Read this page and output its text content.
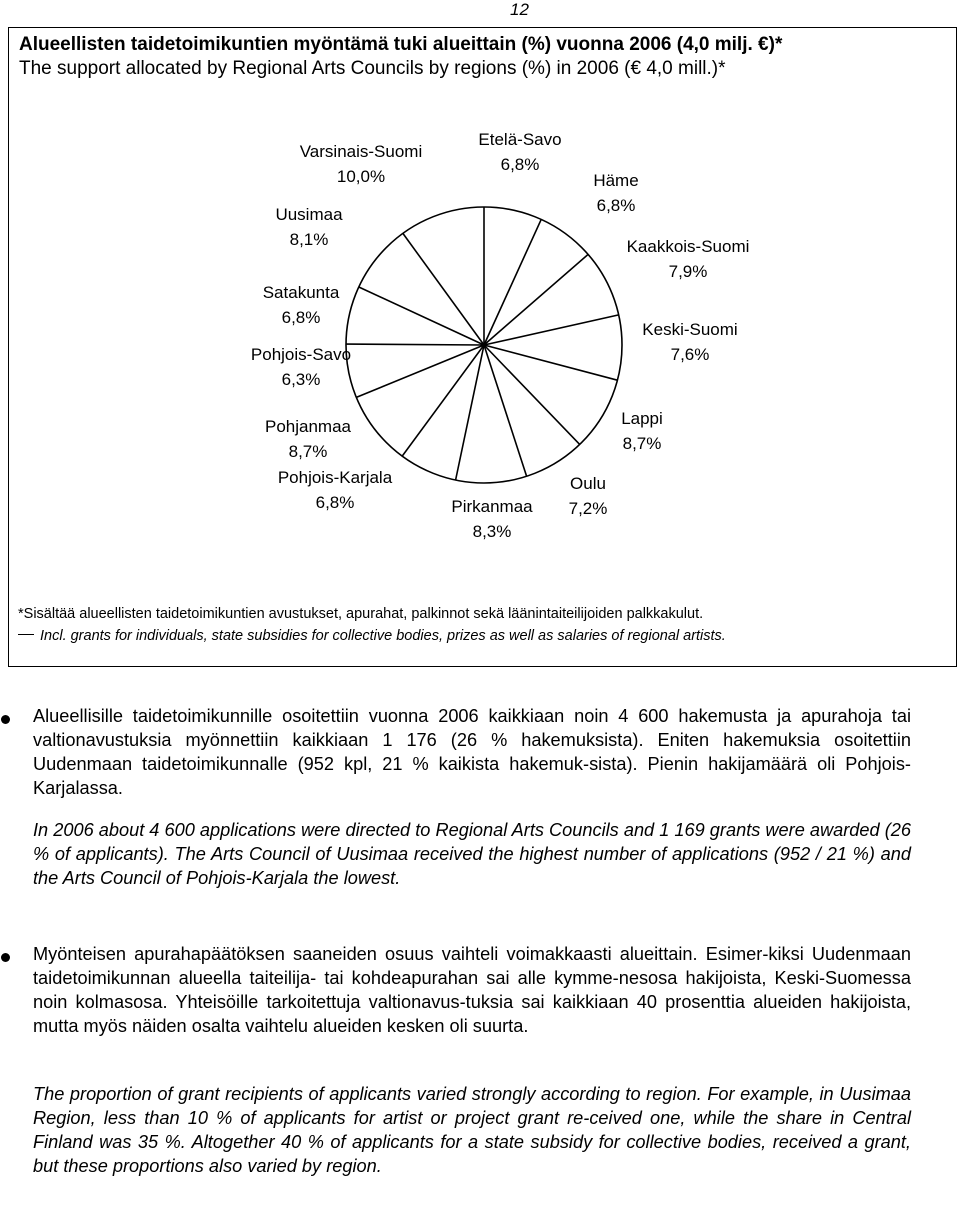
12
Alueellisten taidetoimikuntien myöntämä tuki alueittain (%) vuonna 2006 (4,0 milj. €)*
The support allocated by Regional Arts Councils by regions (%) in 2006 (€ 4,0 mill.)*
Etelä-Savo
6,8%
Häme
6,8%
Kaakkois-Suomi
7,9%
Keski-Suomi
7,6%
Lappi
8,7%
Oulu
7,2%
Pirkanmaa
8,3%
Pohjois-Karjala
6,8%
Pohjanmaa
8,7%
Pohjois-Savo
6,3%
Satakunta
6,8%
Uusimaa
8,1%
Varsinais-Suomi
10,0%
*Sisältää alueellisten taidetoimikuntien avustukset, apurahat, palkinnot sekä läänintaiteilijoiden palkkakulut.
Incl. grants for individuals, state subsidies for collective bodies, prizes as well as salaries of regional artists.
Alueellisille taidetoimikunnille osoitettiin vuonna 2006 kaikkiaan noin 4 600 hakemusta ja apurahoja tai valtionavustuksia myönnettiin kaikkiaan 1 176 (26 % hakemuksista). Eniten hakemuksia osoitettiin Uudenmaan taidetoimikunnalle (952 kpl, 21 % kaikista hakemuk-sista). Pienin hakijamäärä oli Pohjois-Karjalassa.
In 2006 about 4 600 applications were directed to Regional Arts Councils and 1 169 grants were awarded (26 % of applicants). The Arts Council of Uusimaa received the highest number of applications (952 / 21 %) and the Arts Council of Pohjois-Karjala the lowest.
Myönteisen apurahapäätöksen saaneiden osuus vaihteli voimakkaasti alueittain. Esimer-kiksi Uudenmaan taidetoimikunnan alueella taiteilija- tai kohdeapurahan sai alle kymme-nesosa hakijoista, Keski-Suomessa noin kolmasosa. Yhteisöille tarkoitettuja valtionavus-tuksia sai kaikkiaan 40 prosenttia alueiden hakijoista, mutta myös näiden osalta vaihtelu alueiden kesken oli suurta.
The proportion of grant recipients of applicants varied strongly according to region. For example, in Uusimaa Region, less than 10 % of applicants for artist or project grant re-ceived one, while the share in Central Finland was 35 %. Altogether 40 % of applicants for a state subsidy for collective bodies, received a grant, but these proportions also varied by region.
